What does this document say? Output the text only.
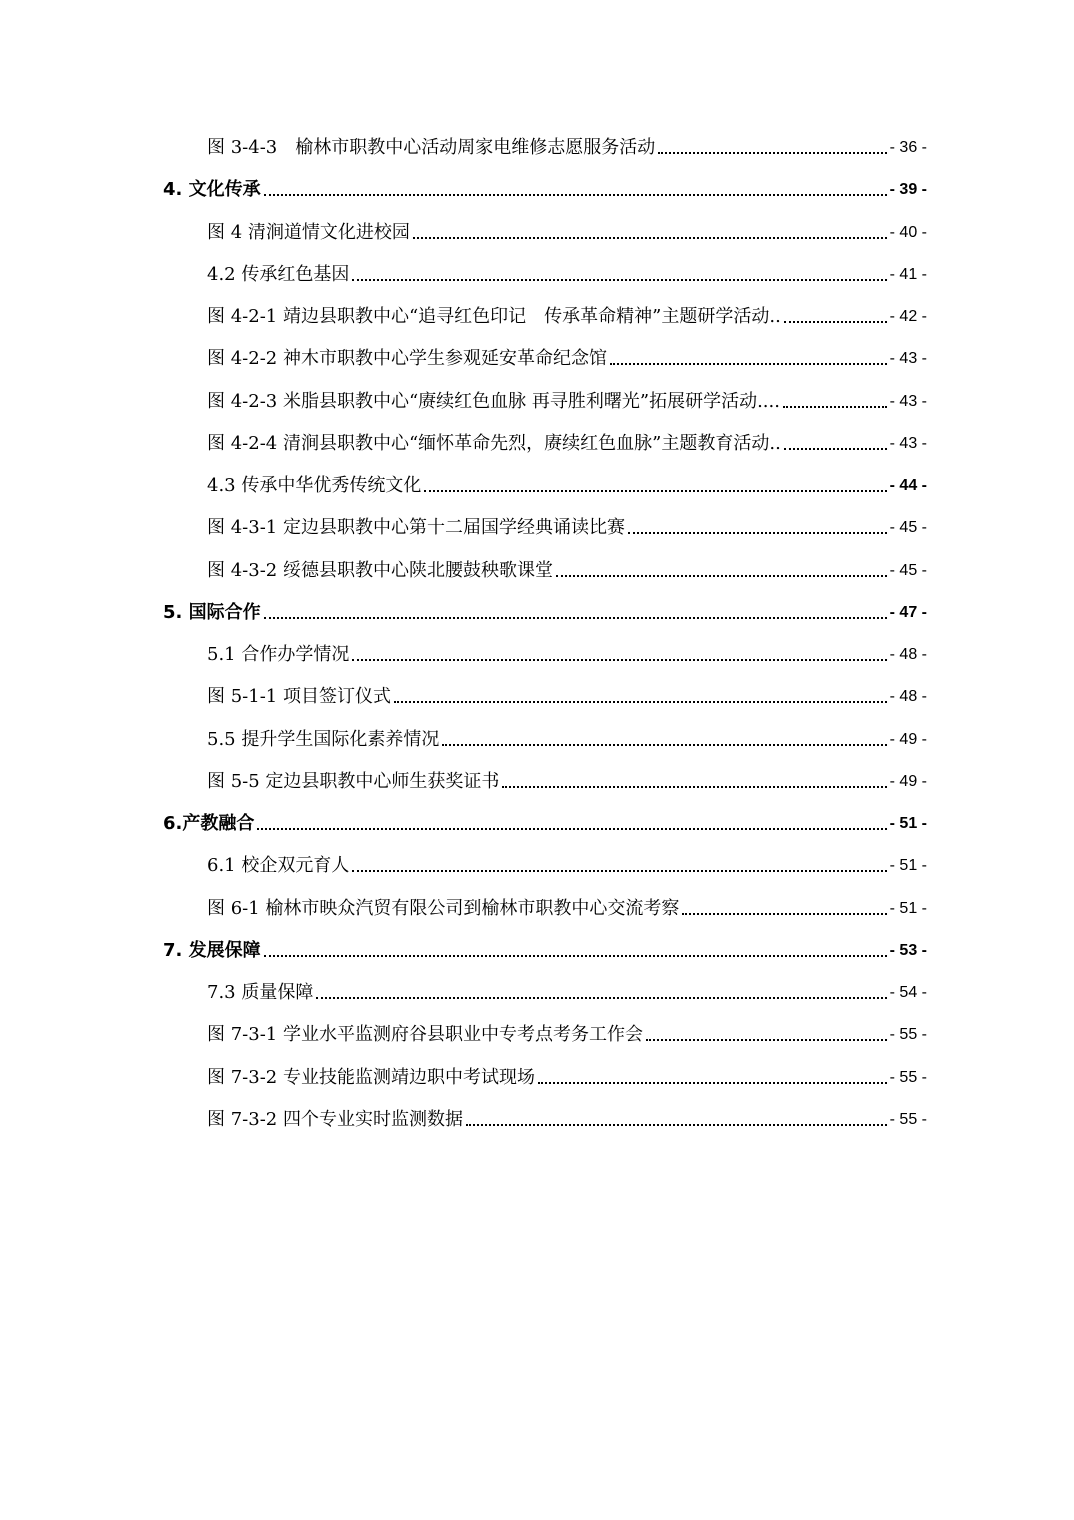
图 3-4-3　榆林市职教中心活动周家电维修志愿服务活动	- 36 -
4. 文化传承	- 39 -
图 4 清涧道情文化进校园	- 40 -
4.2 传承红色基因	- 41 -
图 4-2-1 靖边县职教中心“追寻红色印记　传承革命精神”主题研学活动..	- 42 -
图 4-2-2 神木市职教中心学生参观延安革命纪念馆	- 43 -
图 4-2-3 米脂县职教中心“赓续红色血脉 再寻胜利曙光”拓展研学活动....	- 43 -
图 4-2-4 清涧县职教中心“缅怀革命先烈，赓续红色血脉”主题教育活动..	- 43 -
4.3 传承中华优秀传统文化	- 44 -
图 4-3-1 定边县职教中心第十二届国学经典诵读比赛	- 45 -
图 4-3-2 绥德县职教中心陕北腰鼓秧歌课堂	- 45 -
5. 国际合作	- 47 -
5.1 合作办学情况	- 48 -
图 5-1-1 项目签订仪式	- 48 -
5.5 提升学生国际化素养情况	- 49 -
图 5-5 定边县职教中心师生获奖证书	- 49 -
6.产教融合	- 51 -
6.1 校企双元育人	- 51 -
图 6-1 榆林市映众汽贸有限公司到榆林市职教中心交流考察	- 51 -
7. 发展保障	- 53 -
7.3 质量保障	- 54 -
图 7-3-1 学业水平监测府谷县职业中专考点考务工作会	- 55 -
图 7-3-2 专业技能监测靖边职中考试现场	- 55 -
图 7-3-2 四个专业实时监测数据	- 55 -
